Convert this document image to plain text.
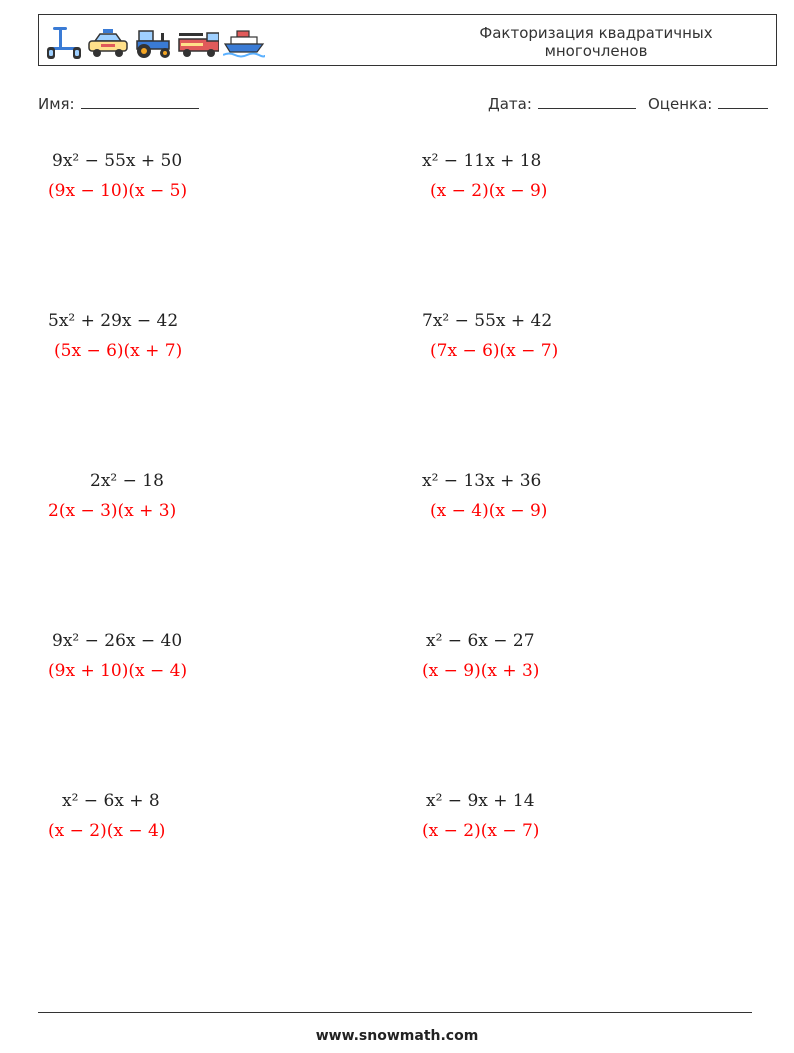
Факторизация квадратичных
многочленов
Имя:	Дата:	Оценка:
9x² − 55x + 50
(9x − 10)(x − 5)
x² − 11x + 18
(x − 2)(x − 9)
5x² + 29x − 42
(5x − 6)(x + 7)
7x² − 55x + 42
(7x − 6)(x − 7)
2x² − 18
2(x − 3)(x + 3)
x² − 13x + 36
(x − 4)(x − 9)
9x² − 26x − 40
(9x + 10)(x − 4)
x² − 6x − 27
(x − 9)(x + 3)
x² − 6x + 8
(x − 2)(x − 4)
x² − 9x + 14
(x − 2)(x − 7)
www.snowmath.com
